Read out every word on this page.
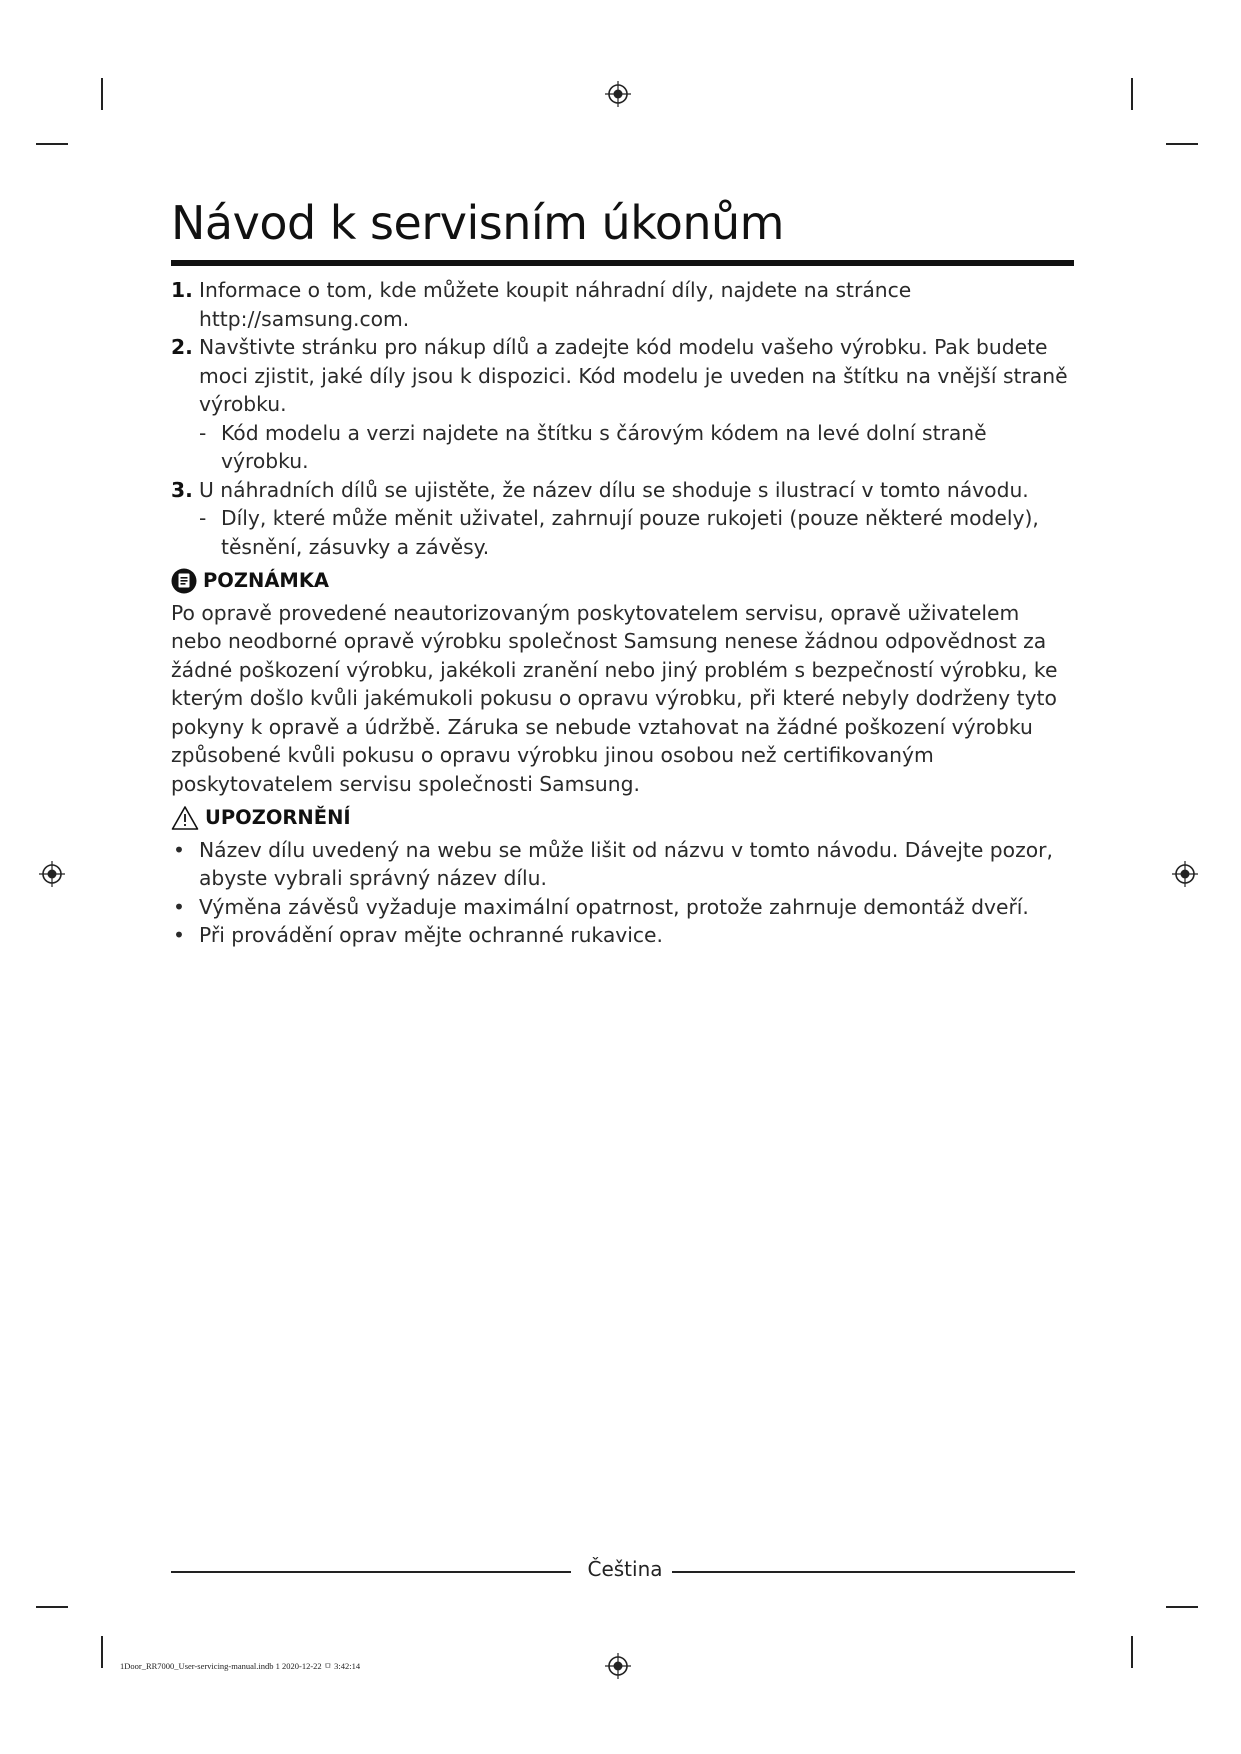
Návod k servisním úkonům
1. Informace o tom, kde můžete koupit náhradní díly, najdete na stránce http://samsung.com.
2. Navštivte stránku pro nákup dílů a zadejte kód modelu vašeho výrobku. Pak budete moci zjistit, jaké díly jsou k dispozici. Kód modelu je uveden na štítku na vnější straně výrobku.
- Kód modelu a verzi najdete na štítku s čárovým kódem na levé dolní straně výrobku.
3. U náhradních dílů se ujistěte, že název dílu se shoduje s ilustrací v tomto návodu.
- Díly, které může měnit uživatel, zahrnují pouze rukojeti (pouze některé modely), těsnění, zásuvky a závěsy.
POZNÁMKA

Po opravě provedené neautorizovaným poskytovatelem servisu, opravě uživatelem nebo neodborné opravě výrobku společnost Samsung nenese žádnou odpovědnost za žádné poškození výrobku, jakékoli zranění nebo jiný problém s bezpečností výrobku, ke kterým došlo kvůli jakémukoli pokusu o opravu výrobku, při které nebyly dodrženy tyto pokyny k opravě a údržbě. Záruka se nebude vztahovat na žádné poškození výrobku způsobené kvůli pokusu o opravu výrobku jinou osobou než certifikovaným poskytovatelem servisu společnosti Samsung.

UPOZORNĚNÍ
• Název dílu uvedený na webu se může lišit od názvu v tomto návodu. Dávejte pozor, abyste vybrali správný název dílu.
• Výměna závěsů vyžaduje maximální opatrnost, protože zahrnuje demontáž dveří.
• Při provádění oprav mějte ochranné rukavice.
Čeština
1Door_RR7000_User-servicing-manual.indb 1 2020-12-22 ㅁ 3:42:14
